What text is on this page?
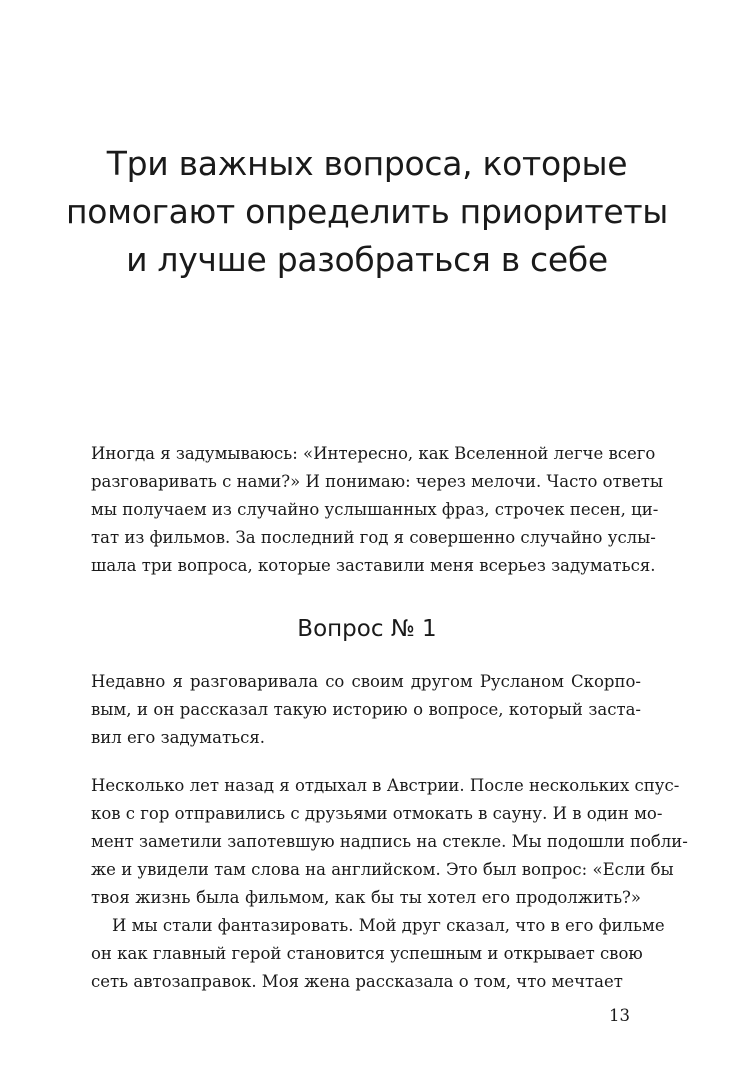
Три важных вопроса, которые
помогают определить приоритеты
и лучше разобраться в себе
Иногда я задумываюсь: «Интересно, как Вселенной легче всего
разговаривать с нами?» И понимаю: через мелочи. Часто ответы
мы получаем из случайно услышанных фраз, строчек песен, ци-
тат из фильмов. За последний год я совершенно случайно услы-
шала три вопроса, которые заставили меня всерьез задуматься.
Вопрос № 1
Недавно я разговаривала со своим другом Русланом Скорпо-
вым, и он рассказал такую историю о вопросе, который заста-
вил его задуматься.
Несколько лет назад я отдыхал в Австрии. После нескольких спус-
ков с гор отправились с друзьями отмокать в сауну. И в один мо-
мент заметили запотевшую надпись на стекле. Мы подошли побли-
же и увидели там слова на английском. Это был вопрос: «Если бы
твоя жизнь была фильмом, как бы ты хотел его продолжить?»
И мы стали фантазировать. Мой друг сказал, что в его фильме
он как главный герой становится успешным и открывает свою
сеть автозаправок. Моя жена рассказала о том, что мечтает
13
